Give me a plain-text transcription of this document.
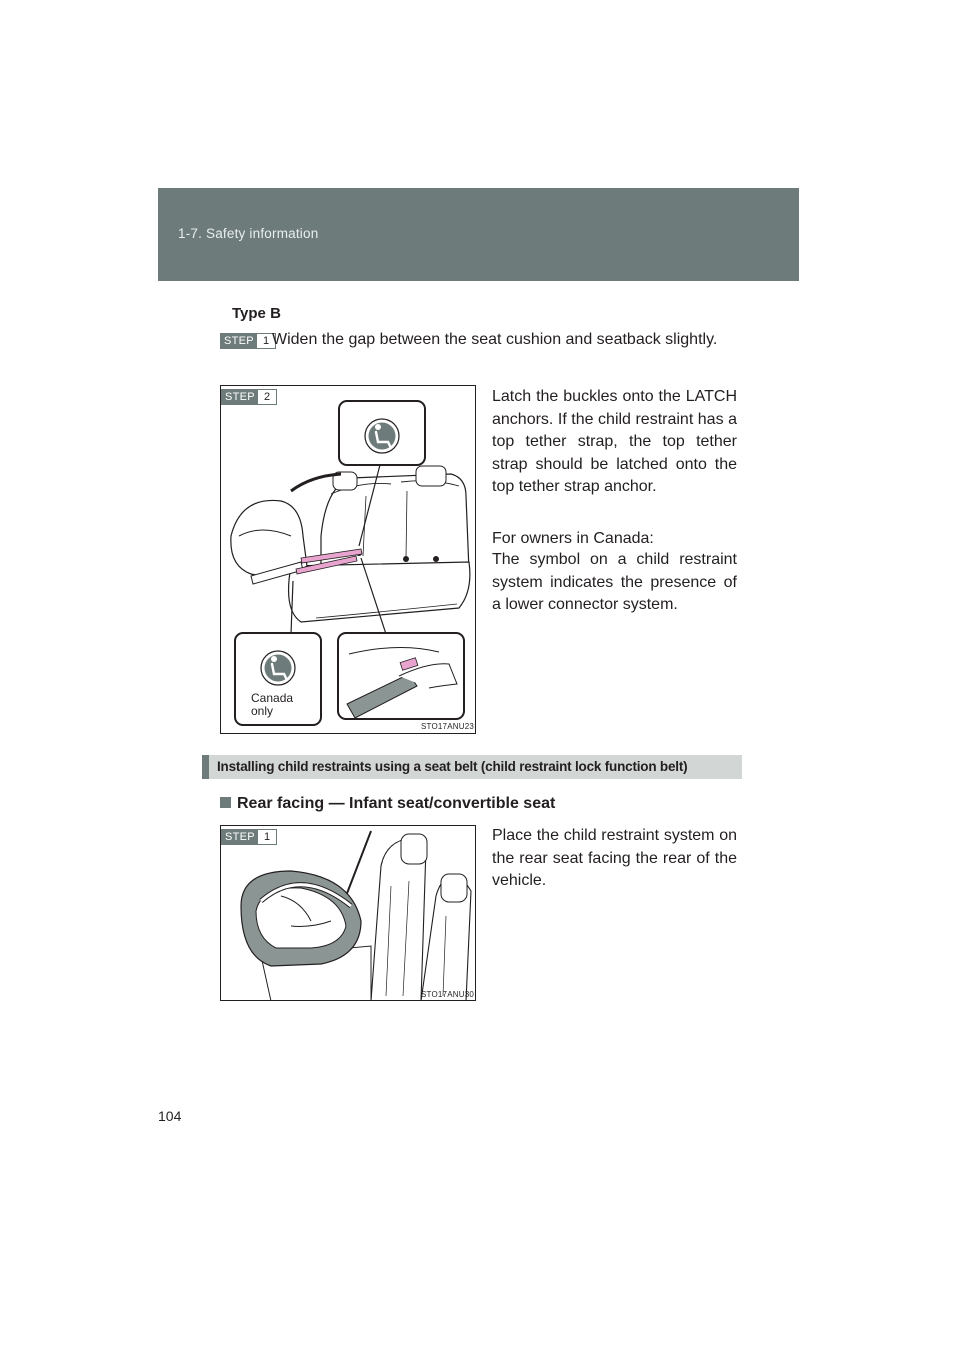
1-7. Safety information
Type B
STEP 1 Widen the gap between the seat cushion and seatback slightly.
STEP 2
Canada
only
STO17ANU23
Latch the buckles onto the LATCH anchors. If the child restraint has a top tether strap, the top tether strap should be latched onto the top tether strap anchor.
For owners in Canada:
The symbol on a child restraint system indicates the presence of a lower connector system.
Installing child restraints using a seat belt (child restraint lock function belt)
Rear facing — Infant seat/convertible seat
STEP 1
STO17ANU30
Place the child restraint system on the rear seat facing the rear of the vehicle.
104
